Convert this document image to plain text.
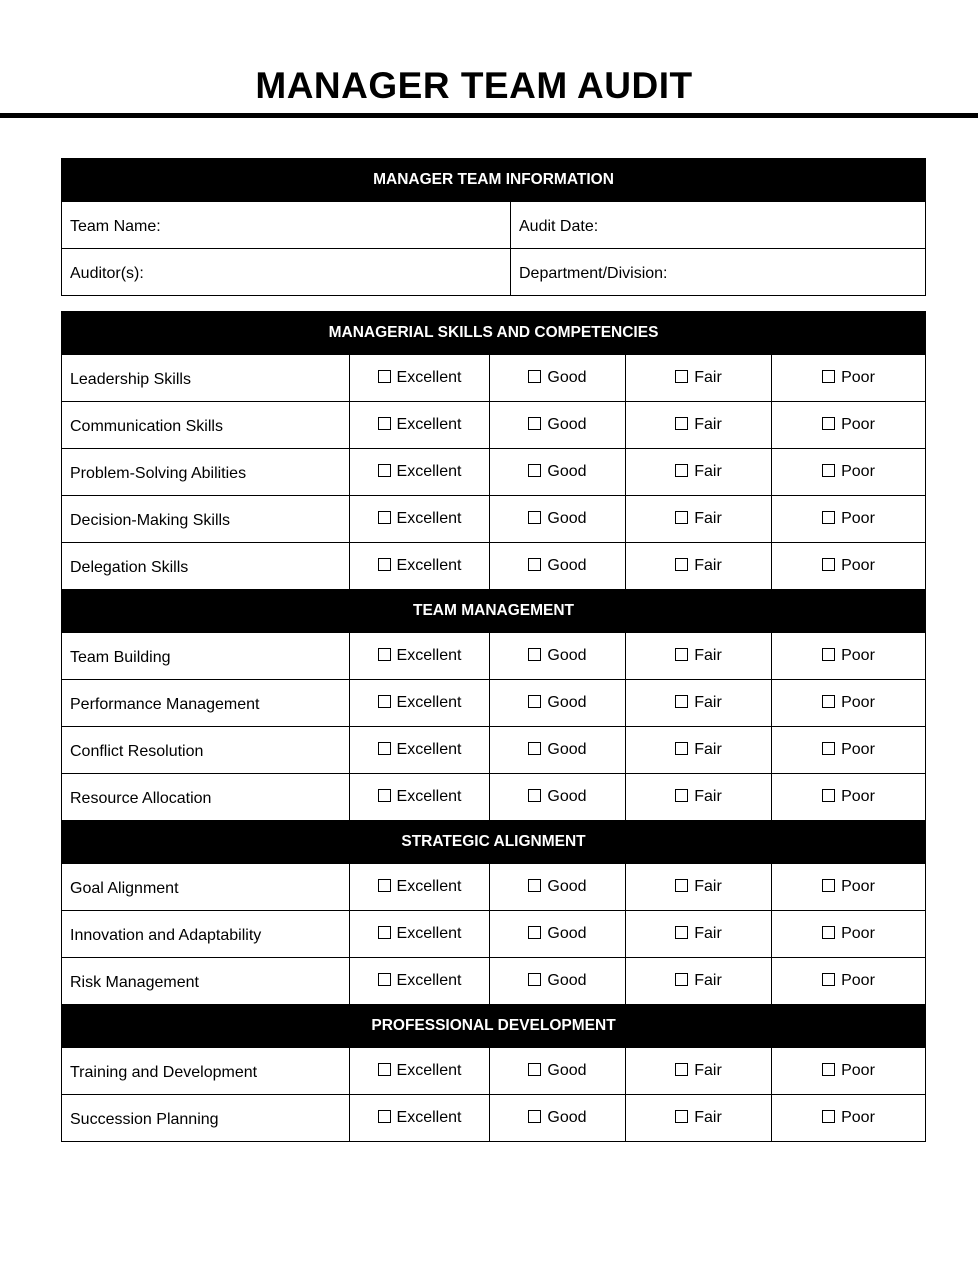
MANAGER TEAM AUDIT
MANAGER TEAM INFORMATION	
Team Name:	Audit Date:
Auditor(s):	Department/Division:
MANAGERIAL SKILLS AND COMPETENCIES				
Leadership Skills	Excellent	Good	Fair	Poor
Communication Skills	Excellent	Good	Fair	Poor
Problem-Solving Abilities	Excellent	Good	Fair	Poor
Decision-Making Skills	Excellent	Good	Fair	Poor
Delegation Skills	Excellent	Good	Fair	Poor
TEAM MANAGEMENT				
Team Building	Excellent	Good	Fair	Poor
Performance Management	Excellent	Good	Fair	Poor
Conflict Resolution	Excellent	Good	Fair	Poor
Resource Allocation	Excellent	Good	Fair	Poor
STRATEGIC ALIGNMENT				
Goal Alignment	Excellent	Good	Fair	Poor
Innovation and Adaptability	Excellent	Good	Fair	Poor
Risk Management	Excellent	Good	Fair	Poor
PROFESSIONAL DEVELOPMENT				
Training and Development	Excellent	Good	Fair	Poor
Succession Planning	Excellent	Good	Fair	Poor
